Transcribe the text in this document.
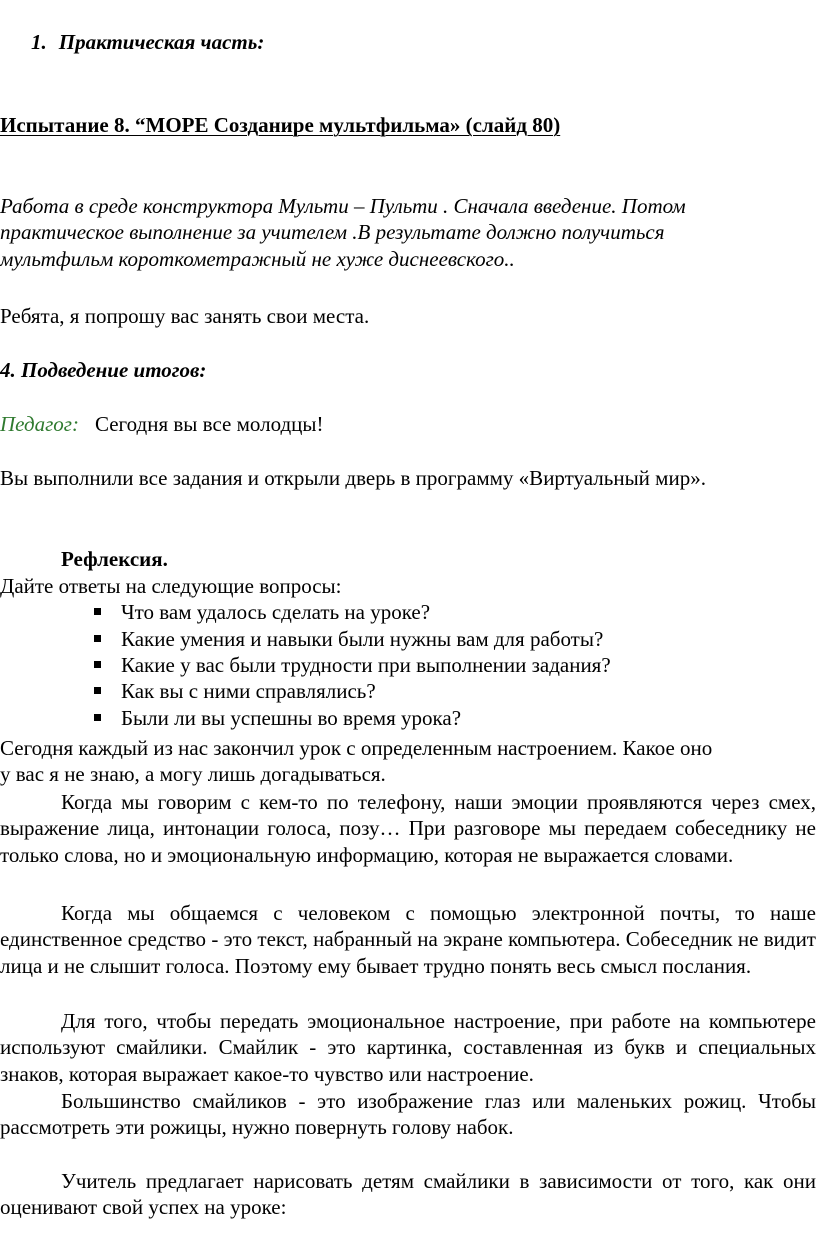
1. Практическая часть:
Испытание 8. “МОРЕ Созданире мультфильма» (слайд 80)
Работа в среде конструктора Мульти – Пульти . Сначала введение. Потом
практическое выполнение за учителем .В результате должно получиться
мультфильм короткометражный не хуже диснеевского..
Ребята, я попрошу вас занять свои места.
4. Подведение итогов:
Педагог: Сегодня вы все молодцы!
Вы выполнили все задания и открыли дверь в программу «Виртуальный мир».
Рефлексия.
Дайте ответы на следующие вопросы:
Что вам удалось сделать на уроке?
Какие умения и навыки были нужны вам для работы?
Какие у вас были трудности при выполнении задания?
Как вы с ними справлялись?
Были ли вы успешны во время урока?
Сегодня каждый из нас закончил урок с определенным настроением. Какое оно
у вас я не знаю, а могу лишь догадываться.
Когда мы говорим с кем-то по телефону, наши эмоции проявляются через смех, выражение лица, интонации голоса, позу… При разговоре мы передаем собеседнику не только слова, но и эмоциональную информацию, которая не выражается словами.
Когда мы общаемся с человеком с помощью электронной почты, то наше единственное средство - это текст, набранный на экране компьютера. Собеседник не видит лица и не слышит голоса. Поэтому ему бывает трудно понять весь смысл послания.
Для того, чтобы передать эмоциональное настроение, при работе на компьютере используют смайлики. Смайлик - это картинка, составленная из букв и специальных знаков, которая выражает какое-то чувство или настроение.
Большинство смайликов - это изображение глаз или маленьких рожиц. Чтобы рассмотреть эти рожицы, нужно повернуть голову набок.
Учитель предлагает нарисовать детям смайлики в зависимости от того, как они оценивают свой успех на уроке:
